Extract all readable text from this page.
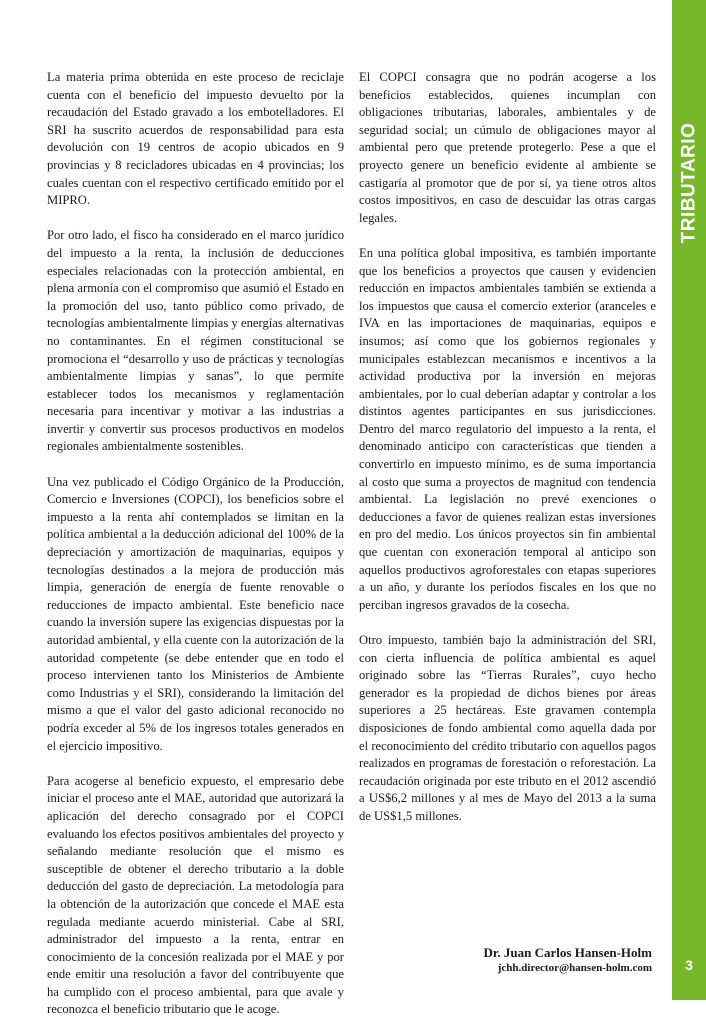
TRIBUTARIO
3

La materia prima obtenida en este proceso de reciclaje cuenta con el beneficio del impuesto devuelto por la recaudación del Estado gravado a los embotelladores. El SRI ha suscrito acuerdos de responsabilidad para esta devolución con 19 centros de acopio ubicados en 9 provincias y 8 recicladores ubicadas en 4 provincias; los cuales cuentan con el respectivo certificado emitido por el MIPRO.

Por otro lado, el fisco ha considerado en el marco jurídico del impuesto a la renta, la inclusión de deducciones especiales relacionadas con la protección ambiental, en plena armonía con el compromiso que asumió el Estado en la promoción del uso, tanto público como privado, de tecnologías ambientalmente limpias y energías alternativas no contaminantes. En el régimen constitucional se promociona el “desarrollo y uso de prácticas y tecnologías ambientalmente limpias y sanas”, lo que permite establecer todos los mecanismos y reglamentación necesaria para incentivar y motivar a las industrias a invertir y convertir sus procesos productivos en modelos regionales ambientalmente sostenibles.

Una vez publicado el Código Orgánico de la Producción, Comercio e Inversiones (COPCI), los beneficios sobre el impuesto a la renta ahí contemplados se limitan en la política ambiental a la deducción adicional del 100% de la depreciación y amortización de maquinarias, equipos y tecnologías destinados a la mejora de producción más limpia, generación de energía de fuente renovable o reducciones de impacto ambiental. Este beneficio nace cuando la inversión supere las exigencias dispuestas por la autoridad ambiental, y ella cuente con la autorización de la autoridad competente (se debe entender que en todo el proceso intervienen tanto los Ministerios de Ambiente como Industrias y el SRI), considerando la limitación del mismo a que el valor del gasto adicional reconocido no podría exceder al 5% de los ingresos totales generados en el ejercicio impositivo.

Para acogerse al beneficio expuesto, el empresario debe iniciar el proceso ante el MAE, autoridad que autorizará la aplicación del derecho consagrado por el COPCI evaluando los efectos positivos ambientales del proyecto y señalando mediante resolución que el mismo es susceptible de obtener el derecho tributario a la doble deducción del gasto de depreciación. La metodología para la obtención de la autorización que concede el MAE esta regulada mediante acuerdo ministerial. Cabe al SRI, administrador del impuesto a la renta, entrar en conocimiento de la concesión realizada por el MAE y por ende emitir una resolución a favor del contribuyente que ha cumplido con el proceso ambiental, para que avale y reconozca el beneficio tributario que le acoge.

El COPCI consagra que no podrán acogerse a los beneficios establecidos, quienes incumplan con obligaciones tributarias, laborales, ambientales y de seguridad social; un cúmulo de obligaciones mayor al ambiental pero que pretende protegerlo. Pese a que el proyecto genere un beneficio evidente al ambiente se castigaría al promotor que de por sí, ya tiene otros altos costos impositivos, en caso de descuidar las otras cargas legales.

En una política global impositiva, es también importante que los beneficios a proyectos que causen y evidencien reducción en impactos ambientales también se extienda a los impuestos que causa el comercio exterior (aranceles e IVA en las importaciones de maquinarias, equipos e insumos; así como que los gobiernos regionales y municipales establezcan mecanismos e incentivos a la actividad productiva por la inversión en mejoras ambientales, por lo cual deberían adaptar y controlar a los distintos agentes participantes en sus jurisdicciones. Dentro del marco regulatorio del impuesto a la renta, el denominado anticipo con características que tienden a convertirlo en impuesto mínimo, es de suma importancia al costo que suma a proyectos de magnitud con tendencia ambiental. La legislación no prevé exenciones o deducciones a favor de quienes realizan estas inversiones en pro del medio. Los únicos proyectos sin fin ambiental que cuentan con exoneración temporal al anticipo son aquellos productivos agroforestales con etapas superiores a un año, y durante los períodos fiscales en los que no perciban ingresos gravados de la cosecha.

Otro impuesto, también bajo la administración del SRI, con cierta influencia de política ambiental es aquel originado sobre las “Tierras Rurales”, cuyo hecho generador es la propiedad de dichos bienes por áreas superiores a 25 hectáreas. Este gravamen contempla disposiciones de fondo ambiental como aquella dada por el reconocimiento del crédito tributario con aquellos pagos realizados en programas de forestación o reforestación. La recaudación originada por este tributo en el 2012 ascendió a US$6,2 millones y al mes de Mayo del 2013 a la suma de US$1,5 millones.

Dr. Juan Carlos Hansen-Holm
jchh.director@hansen-holm.com
